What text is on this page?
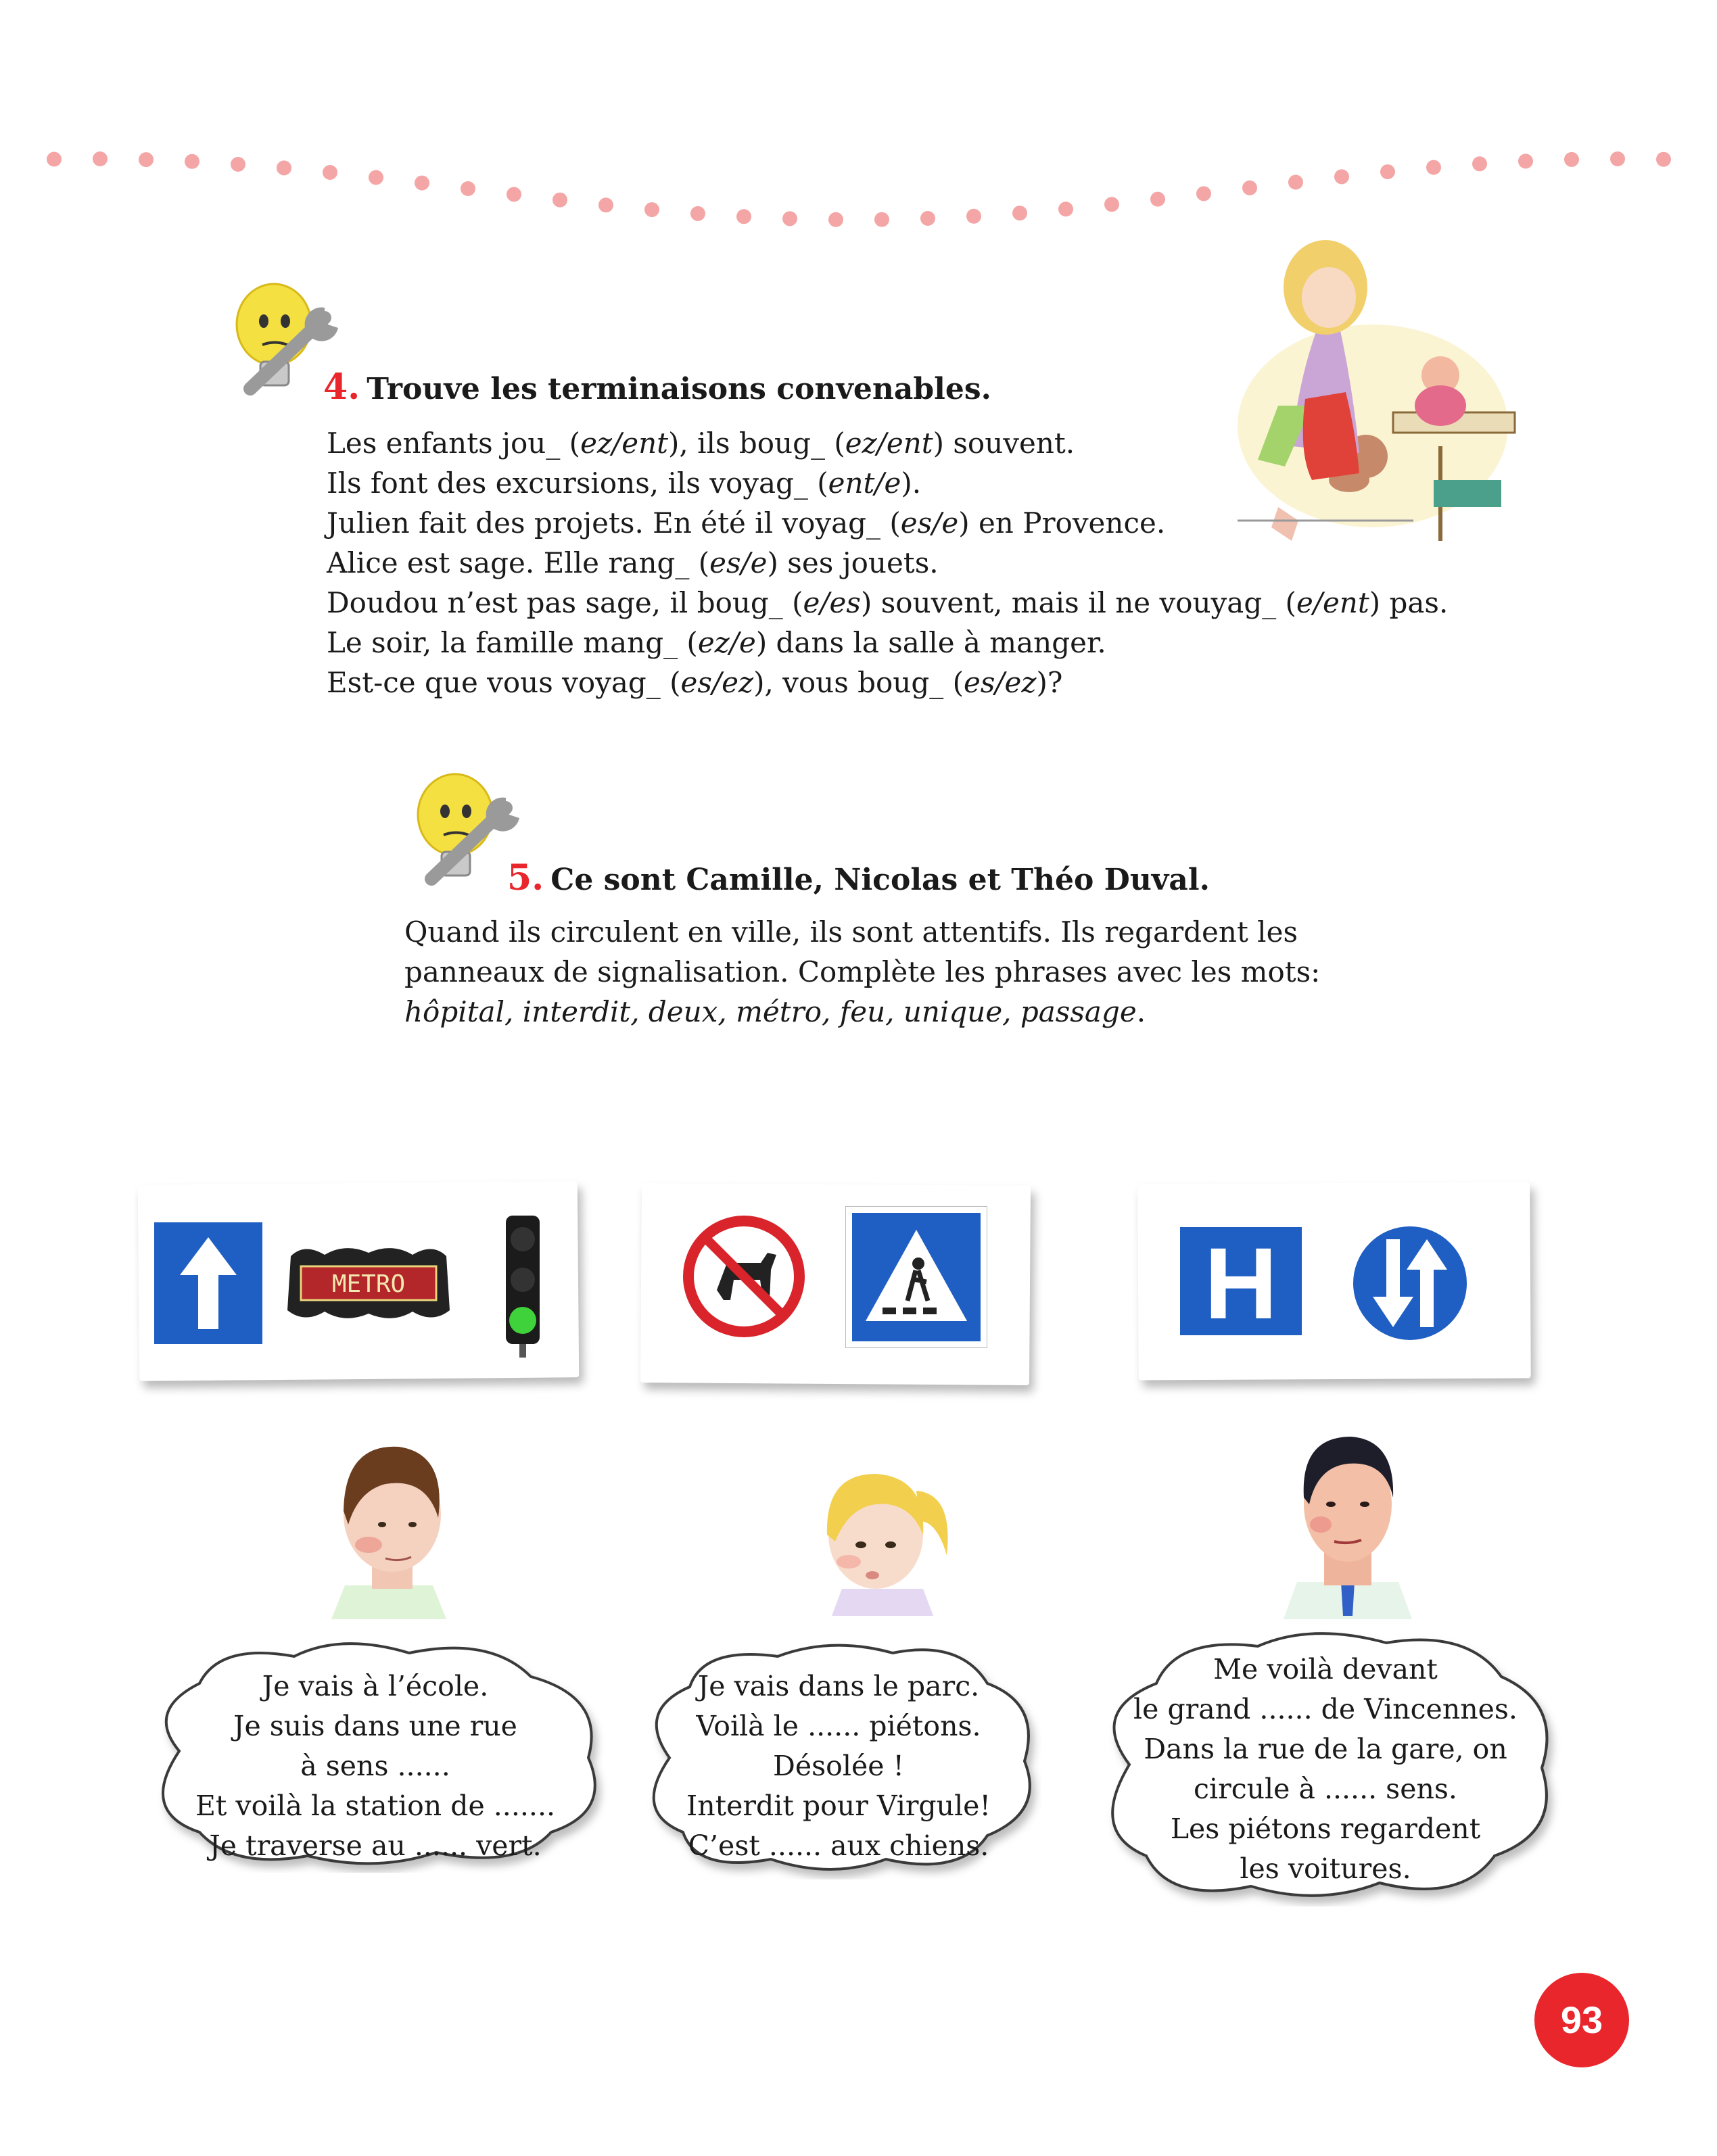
4. Trouve les terminaisons convenables.

Les enfants jou_ (ez/ent), ils boug_ (ez/ent) souvent.

Ils font des excursions, ils voyag_ (ent/e).

Julien fait des projets. En été il voyag_ (es/e) en Provence.

Alice est sage. Elle rang_ (es/e) ses jouets.

Doudou n’est pas sage, il boug_ (e/es) souvent, mais il ne vouyag_ (e/ent) pas.

Le soir, la famille mang_ (ez/e) dans la salle à manger.

Est-ce que vous voyag_ (es/ez), vous boug_ (es/ez)?

5. Ce sont Camille, Nicolas et Théo Duval.

Quand ils circulent en ville, ils sont attentifs. Ils regardent les

panneaux de signalisation. Complète les phrases avec les mots:

hôpital, interdit, deux, métro, feu, unique, passage.

METRO	H

Je vais à l’école.

Je suis dans une rue

à sens ......

Et voilà la station de .......

Je traverse au ...... vert.

Je vais dans le parc.

Voilà le ...... piétons.

Désolée !

Interdit pour Virgule!

C’est ...... aux chiens.

Me voilà devant

le grand ...... de Vincennes.

Dans la rue de la gare, on

circule à ...... sens.

Les piétons regardent

les voitures.

93
